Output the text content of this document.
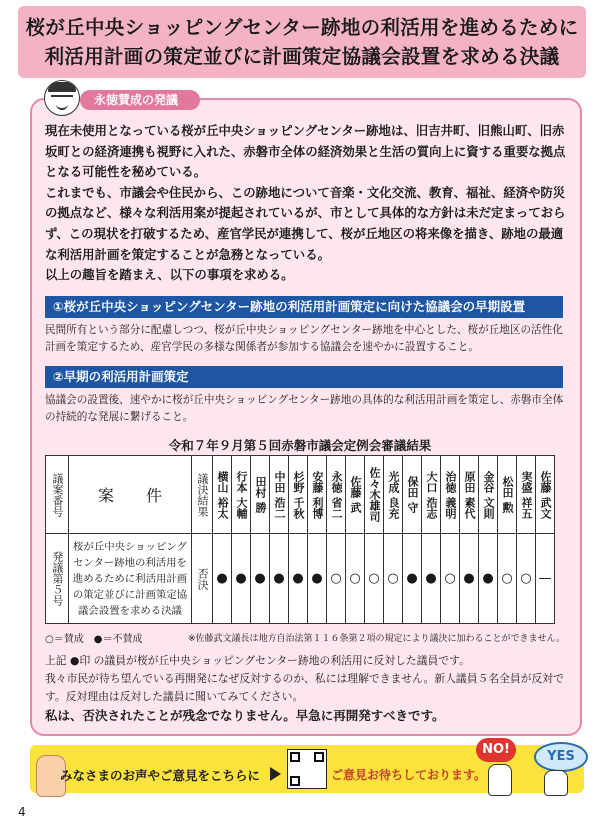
桜が丘中央ショッピングセンター跡地の利活用を進めるために
利活用計画の策定並びに計画策定協議会設置を求める決議
永徳賛成の発議

現在未使用となっている桜が丘中央ショッピングセンター跡地は、旧吉井町、旧熊山町、旧赤坂町との経済連携も視野に入れた、赤磐市全体の経済効果と生活の質向上に資する重要な拠点となる可能性を秘めている。

これまでも、市議会や住民から、この跡地について音楽・文化交流、教育、福祉、経済や防災の拠点など、様々な利活用案が提起されているが、市として具体的な方針は未だ定まっておらず、この現状を打破するため、産官学民が連携して、桜が丘地区の将来像を描き、跡地の最適な利活用計画を策定することが急務となっている。

以上の趣旨を踏まえ、以下の事項を求める。

①桜が丘中央ショッピングセンター跡地の利活用計画策定に向けた協議会の早期設置
民間所有という部分に配慮しつつ、桜が丘中央ショッピングセンター跡地を中心とした、桜が丘地区の活性化計画を策定するため、産官学民の多様な関係者が参加する協議会を速やかに設置すること。
②早期の利活用計画策定
協議会の設置後、速やかに桜が丘中央ショッピングセンター跡地の具体的な利活用計画を策定し、赤磐市全体の持続的な発展に繋げること。
令和７年９月第５回赤磐市議会定例会審議結果
議案番号	案　　件	議決結果	横山 裕太	行本 大輔	田村 勝	中田 浩二	杉野 千秋	安藤 利博	永徳 省二	佐藤 武	佐々木雄司	光成 良充	保田 守	大口 浩志	治徳 義明	原田 素代	金谷 文則	松田 勲	実盛 祥五	佐藤 武文

発議第５号	桜が丘中央ショッピングセンター跡地の利活用を進めるために利活用計画の策定並びに計画策定協議会設置を求める決議	否決	●	●	●	●	●	●	○	○	○	○	●	●	○	●	●	○	○	—
○＝賛成　●＝不賛成	※佐藤武文議長は地方自治法第１１６条第２項の規定により議決に加わることができません。

上記 ●印 の議員が桜が丘中央ショッピングセンター跡地の利活用に反対した議員です。

我々市民が待ち望んでいる再開発になぜ反対するのか、私には理解できません。新人議員５名全員が反対です。反対理由は反対した議員に聞いてみてください。

私は、否決されたことが残念でなりません。早急に再開発すべきです。
みなさまのお声やご意見をこちらに	ご意見お待ちしております。
NO!	YES
4
